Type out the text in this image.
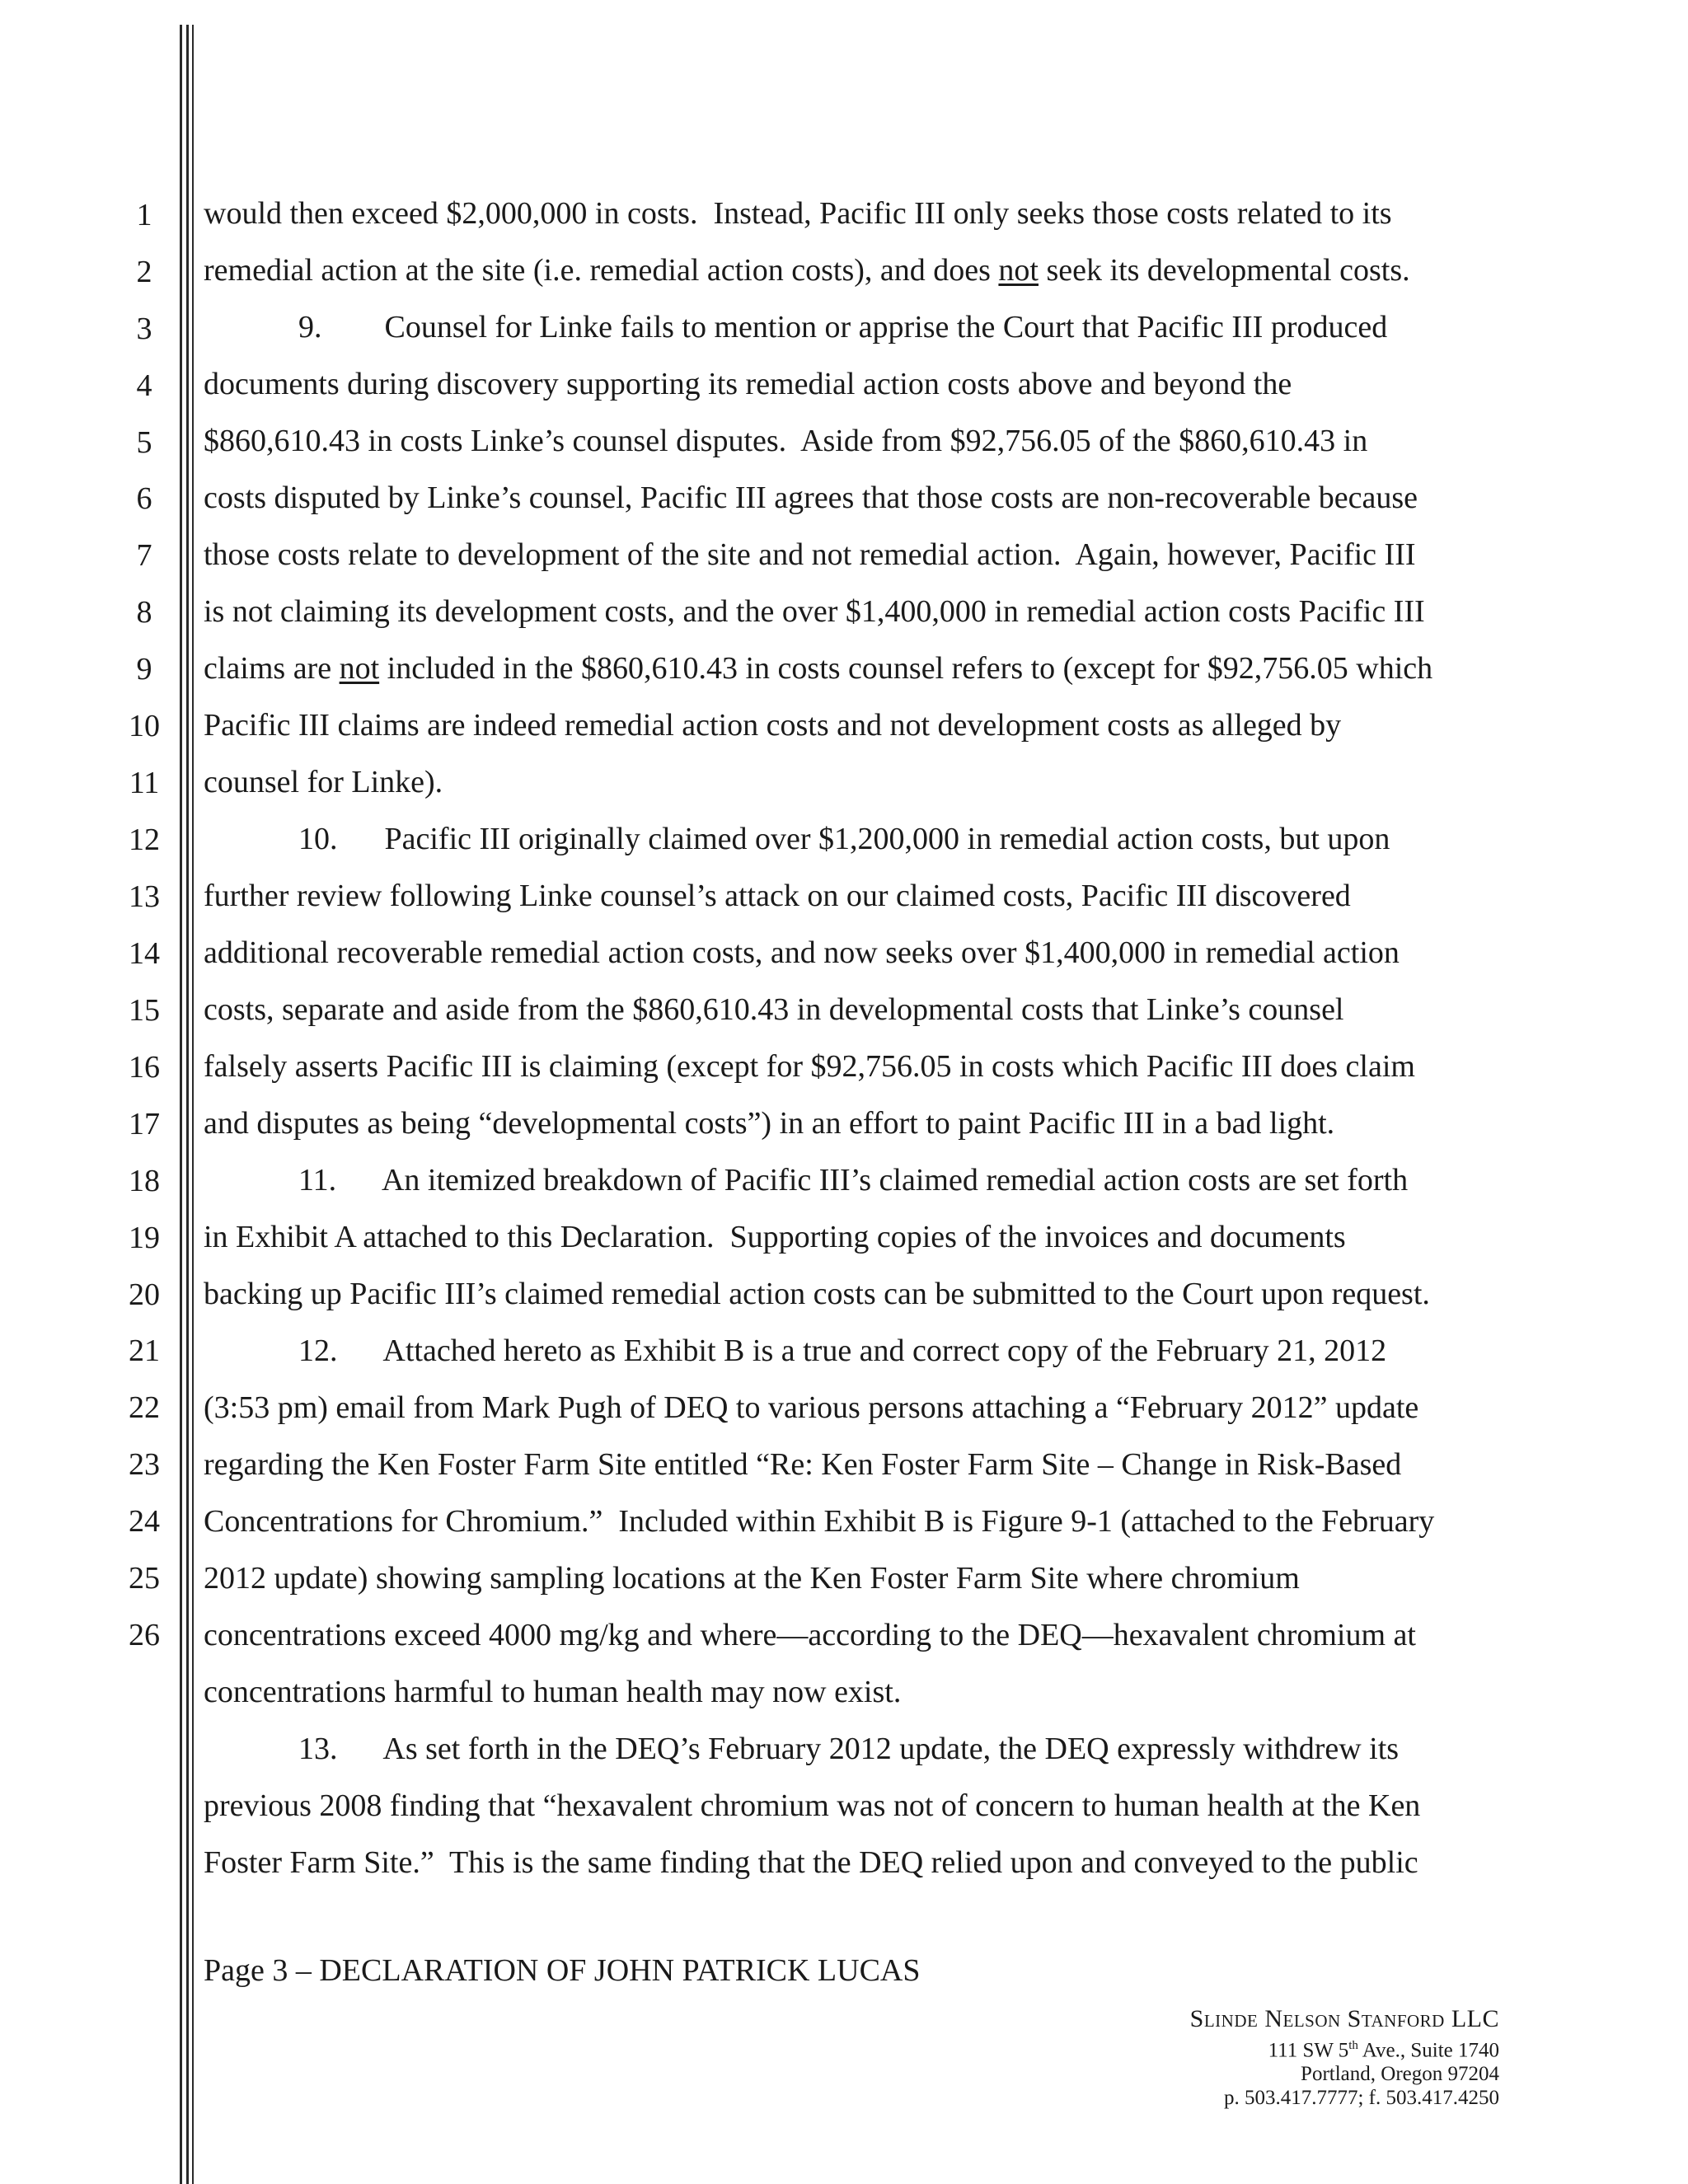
1
2
3
4
5
6
7
8
9
10
11
12
13
14
15
16
17
18
19
20
21
22
23
24
25
26

would then exceed $2,000,000 in costs.  Instead, Pacific III only seeks those costs related to its

remedial action at the site (i.e. remedial action costs), and does not seek its developmental costs.

9.        Counsel for Linke fails to mention or apprise the Court that Pacific III produced

documents during discovery supporting its remedial action costs above and beyond the

$860,610.43 in costs Linke’s counsel disputes.  Aside from $92,756.05 of the $860,610.43 in

costs disputed by Linke’s counsel, Pacific III agrees that those costs are non-recoverable because

those costs relate to development of the site and not remedial action.  Again, however, Pacific III

is not claiming its development costs, and the over $1,400,000 in remedial action costs Pacific III

claims are not included in the $860,610.43 in costs counsel refers to (except for $92,756.05 which

Pacific III claims are indeed remedial action costs and not development costs as alleged by

counsel for Linke).

10.      Pacific III originally claimed over $1,200,000 in remedial action costs, but upon

further review following Linke counsel’s attack on our claimed costs, Pacific III discovered

additional recoverable remedial action costs, and now seeks over $1,400,000 in remedial action

costs, separate and aside from the $860,610.43 in developmental costs that Linke’s counsel

falsely asserts Pacific III is claiming (except for $92,756.05 in costs which Pacific III does claim

and disputes as being “developmental costs”) in an effort to paint Pacific III in a bad light.

11.      An itemized breakdown of Pacific III’s claimed remedial action costs are set forth

in Exhibit A attached to this Declaration.  Supporting copies of the invoices and documents

backing up Pacific III’s claimed remedial action costs can be submitted to the Court upon request.

12.      Attached hereto as Exhibit B is a true and correct copy of the February 21, 2012

(3:53 pm) email from Mark Pugh of DEQ to various persons attaching a “February 2012” update

regarding the Ken Foster Farm Site entitled “Re: Ken Foster Farm Site – Change in Risk-Based

Concentrations for Chromium.”  Included within Exhibit B is Figure 9-1 (attached to the February

2012 update) showing sampling locations at the Ken Foster Farm Site where chromium

concentrations exceed 4000 mg/kg and where—according to the DEQ—hexavalent chromium at

concentrations harmful to human health may now exist.

13.      As set forth in the DEQ’s February 2012 update, the DEQ expressly withdrew its

previous 2008 finding that “hexavalent chromium was not of concern to human health at the Ken

Foster Farm Site.”  This is the same finding that the DEQ relied upon and conveyed to the public

Page 3 – DECLARATION OF JOHN PATRICK LUCAS
Slinde Nelson Stanford LLC
111 SW 5th Ave., Suite 1740
Portland, Oregon 97204
p. 503.417.7777; f. 503.417.4250
